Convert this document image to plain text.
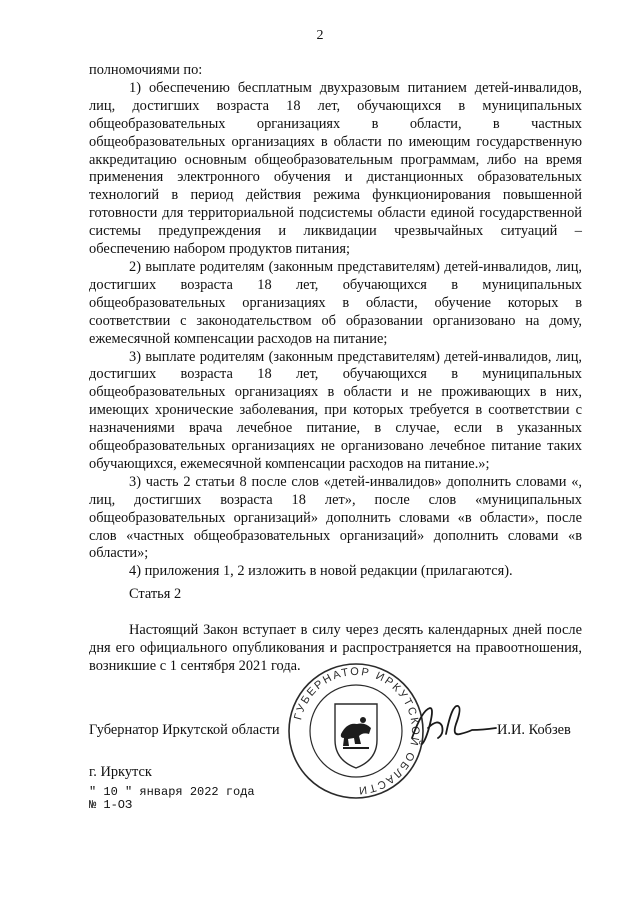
2

полномочиями по:

1) обеспечению бесплатным двухразовым питанием детей-инвалидов, лиц, достигших возраста 18 лет, обучающихся в муниципальных общеобразовательных организациях в области, в частных общеобразовательных организациях в области по имеющим государственную аккредитацию основным общеобразовательным программам, либо на время применения электронного обучения и дистанционных образовательных технологий в период действия режима функционирования повышенной готовности для территориальной подсистемы области единой государственной системы предупреждения и ликвидации чрезвычайных ситуаций – обеспечению набором продуктов питания;

2) выплате родителям (законным представителям) детей-инвалидов, лиц, достигших возраста 18 лет, обучающихся в муниципальных общеобразовательных организациях в области, обучение которых в соответствии с законодательством об образовании организовано на дому, ежемесячной компенсации расходов на питание;

3) выплате родителям (законным представителям) детей-инвалидов, лиц, достигших возраста 18 лет, обучающихся в муниципальных общеобразовательных организациях в области и не проживающих в них, имеющих хронические заболевания, при которых требуется в соответствии с назначениями врача лечебное питание, в случае, если в указанных общеобразовательных организациях не организовано лечебное питание таких обучающихся, ежемесячной компенсации расходов на питание.»;

3) часть 2 статьи 8 после слов «детей-инвалидов» дополнить словами «, лиц, достигших возраста 18 лет», после слов «муниципальных общеобразовательных организаций» дополнить словами «в области», после слов «частных общеобразовательных организаций» дополнить словами «в области»;

4) приложения 1, 2 изложить в новой редакции (прилагаются).

Статья 2

Настоящий Закон вступает в силу через десять календарных дней после дня его официального опубликования и распространяется на правоотношения, возникшие с 1 сентября 2021 года.

ГУБЕРНАТОР ИРКУТСКОЙ ОБЛАСТИ
Губернатор Иркутской области	И.И. Кобзев
г. Иркутск
" 10 " января 2022 года
№ 1-ОЗ
